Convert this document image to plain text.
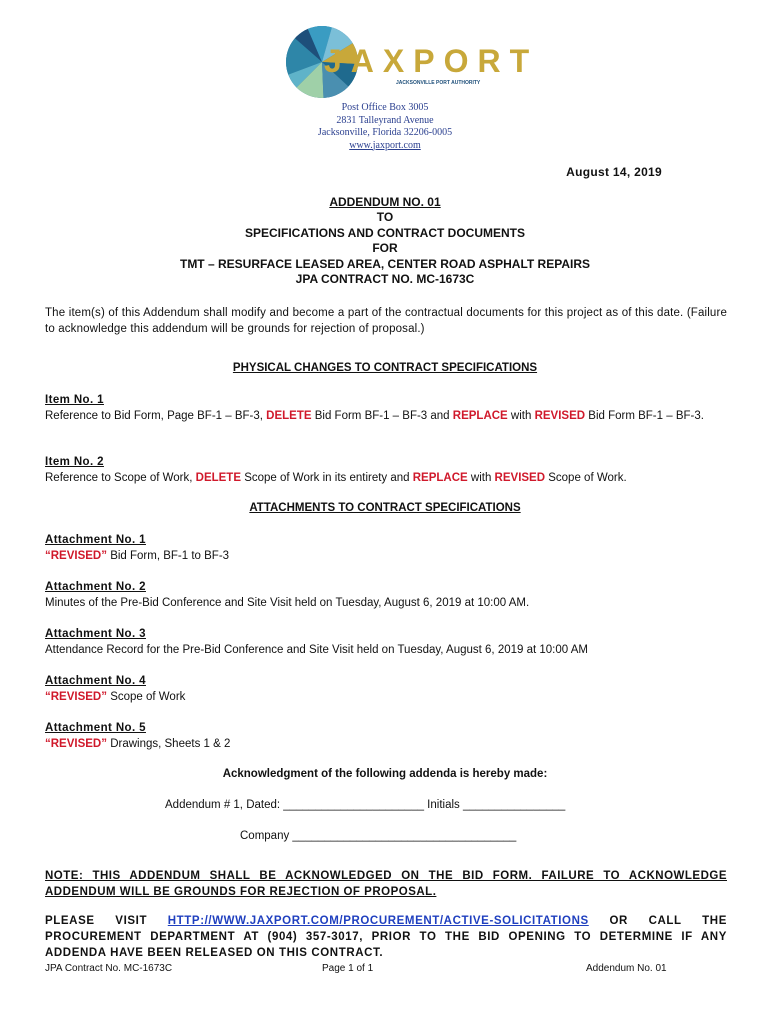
JAXPORT
JACKSONVILLE PORT AUTHORITY
Post Office Box 3005
2831 Talleyrand Avenue
Jacksonville, Florida 32206-0005
www.jaxport.com
August 14, 2019
ADDENDUM NO. 01
TO
SPECIFICATIONS AND CONTRACT DOCUMENTS
FOR
TMT – RESURFACE LEASED AREA, CENTER ROAD ASPHALT REPAIRS
JPA CONTRACT NO. MC-1673C
The item(s) of this Addendum shall modify and become a part of the contractual documents for this project as of this date. (Failure to acknowledge this addendum will be grounds for rejection of proposal.)
PHYSICAL CHANGES TO CONTRACT SPECIFICATIONS
Item No. 1
Reference to Bid Form, Page BF-1 – BF-3, DELETE Bid Form BF-1 – BF-3 and REPLACE with REVISED Bid Form BF-1 – BF-3.
Item No. 2
Reference to Scope of Work, DELETE Scope of Work in its entirety and REPLACE with REVISED Scope of Work.
ATTACHMENTS TO CONTRACT SPECIFICATIONS
Attachment No. 1
“REVISED” Bid Form, BF-1 to BF-3
Attachment No. 2
Minutes of the Pre-Bid Conference and Site Visit held on Tuesday, August 6, 2019 at 10:00 AM.
Attachment No. 3
Attendance Record for the Pre-Bid Conference and Site Visit held on Tuesday, August 6, 2019 at 10:00 AM
Attachment No. 4
“REVISED” Scope of Work
Attachment No. 5
“REVISED” Drawings, Sheets 1 & 2
Acknowledgment of the following addenda is hereby made:
Addendum # 1, Dated: ______________________ Initials ________________
Company ___________________________________
NOTE: THIS ADDENDUM SHALL BE ACKNOWLEDGED ON THE BID FORM. FAILURE TO ACKNOWLEDGE ADDENDUM WILL BE GROUNDS FOR REJECTION OF PROPOSAL.
PLEASE VISIT HTTP://WWW.JAXPORT.COM/PROCUREMENT/ACTIVE-SOLICITATIONS OR CALL THE PROCUREMENT DEPARTMENT AT (904) 357-3017, PRIOR TO THE BID OPENING TO DETERMINE IF ANY ADDENDA HAVE BEEN RELEASED ON THIS CONTRACT.
JPA Contract No. MC-1673C	Page 1 of 1	Addendum No. 01
